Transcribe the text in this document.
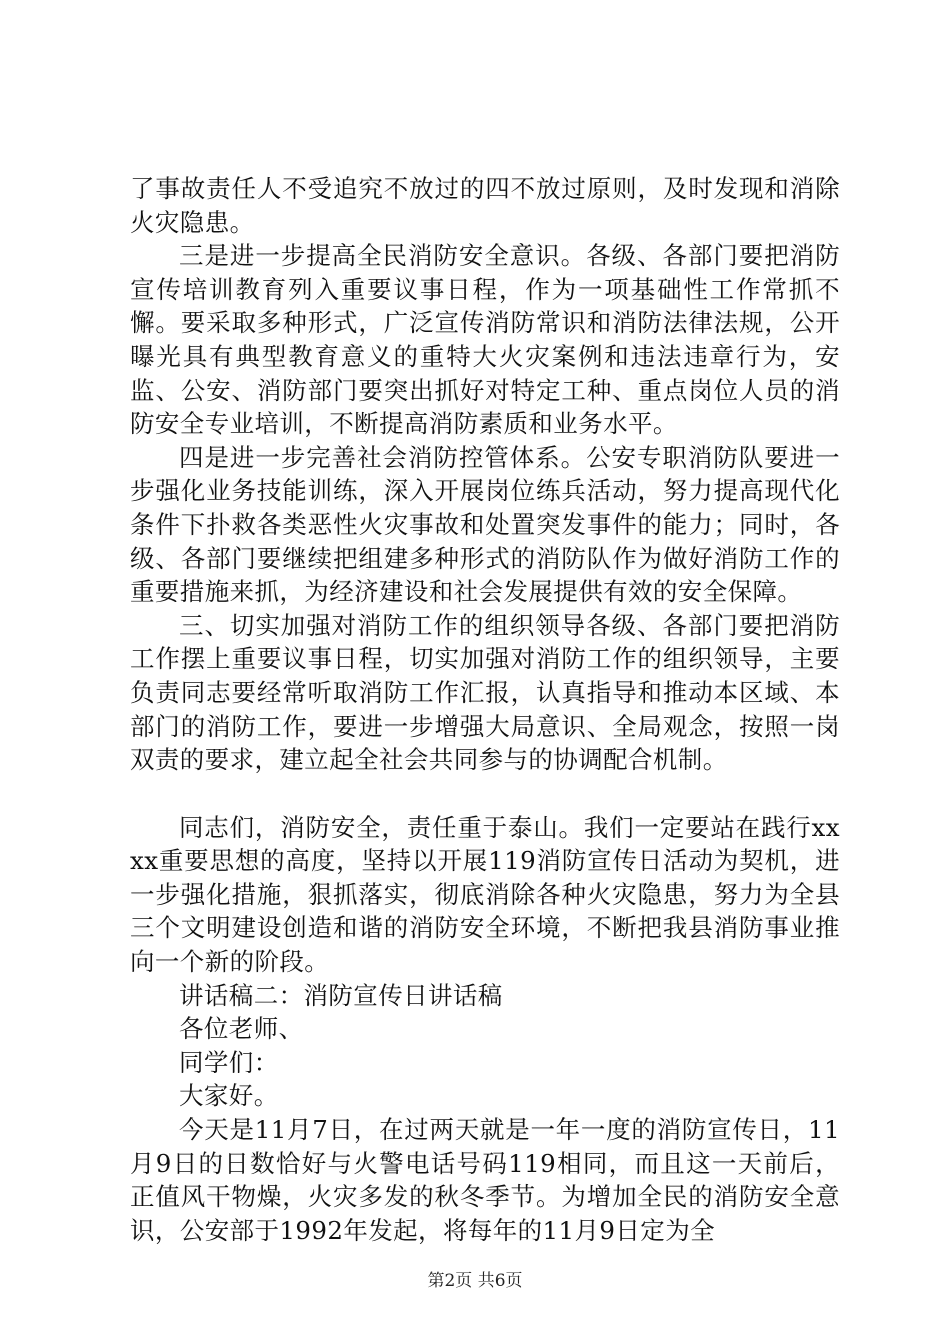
了事故责任人不受追究不放过的四不放过原则，及时发现和消除火灾隐患。

三是进一步提高全民消防安全意识。各级、各部门要把消防宣传培训教育列入重要议事日程，作为一项基础性工作常抓不懈。要采取多种形式，广泛宣传消防常识和消防法律法规，公开曝光具有典型教育意义的重特大火灾案例和违法违章行为，安监、公安、消防部门要突出抓好对特定工种、重点岗位人员的消防安全专业培训，不断提高消防素质和业务水平。

四是进一步完善社会消防控管体系。公安专职消防队要进一步强化业务技能训练，深入开展岗位练兵活动，努力提高现代化条件下扑救各类恶性火灾事故和处置突发事件的能力；同时，各级、各部门要继续把组建多种形式的消防队作为做好消防工作的重要措施来抓，为经济建设和社会发展提供有效的安全保障。

三、切实加强对消防工作的组织领导各级、各部门要把消防工作摆上重要议事日程，切实加强对消防工作的组织领导，主要负责同志要经常听取消防工作汇报，认真指导和推动本区域、本部门的消防工作，要进一步增强大局意识、全局观念，按照一岗双责的要求，建立起全社会共同参与的协调配合机制。

同志们，消防安全，责任重于泰山。我们一定要站在践行xxxx重要思想的高度，坚持以开展119消防宣传日活动为契机，进一步强化措施，狠抓落实，彻底消除各种火灾隐患，努力为全县三个文明建设创造和谐的消防安全环境，不断把我县消防事业推向一个新的阶段。

讲话稿二：消防宣传日讲话稿

各位老师、

同学们：

大家好。

今天是11月7日，在过两天就是一年一度的消防宣传日，11月9日的日数恰好与火警电话号码119相同，而且这一天前后，正值风干物燥，火灾多发的秋冬季节。为增加全民的消防安全意识，公安部于1992年发起，将每年的11月9日定为全

第2页 共6页
